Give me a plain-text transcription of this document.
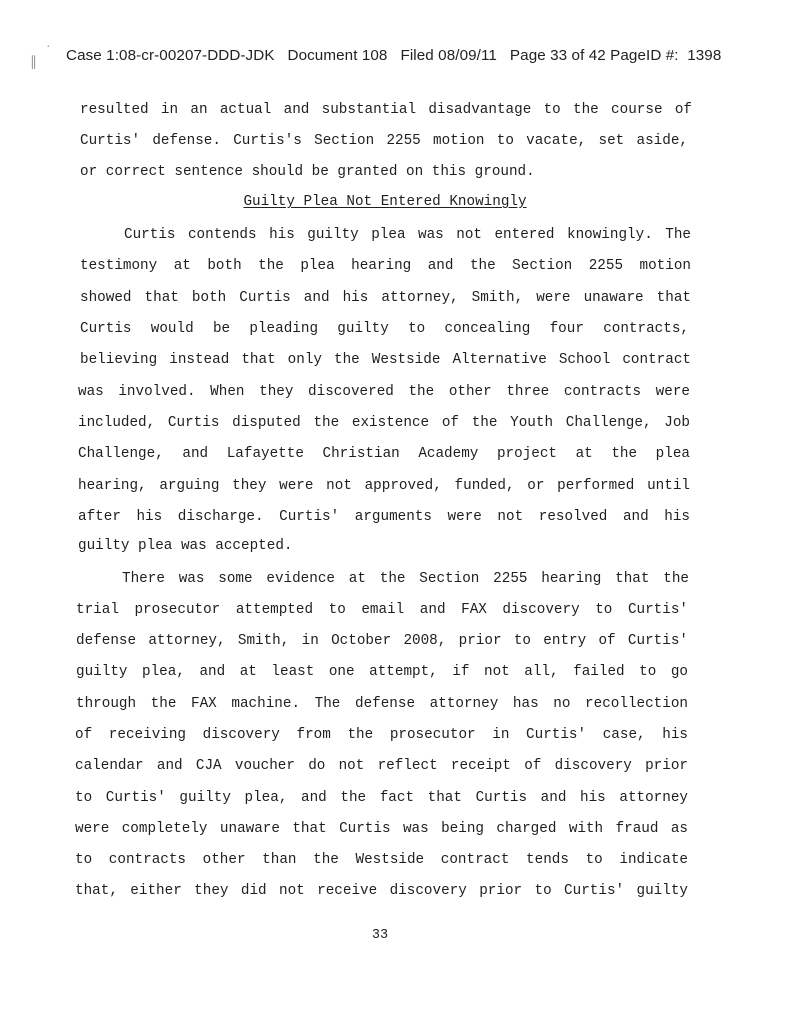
·
∥ Case 1:08-cr-00207-DDD-JDK   Document 108   Filed 08/09/11   Page 33 of 42 PageID #:  1398
resulted in an actual and substantial disadvantage to the course of
Curtis' defense. Curtis's Section 2255 motion to vacate, set aside,
or correct sentence should be granted on this ground.
Guilty Plea Not Entered Knowingly
Curtis contends his guilty plea was not entered knowingly. The
testimony at both the plea hearing and the Section 2255 motion
showed that both Curtis and his attorney, Smith, were unaware that
Curtis would be pleading guilty to concealing four contracts,
believing instead that only the Westside Alternative School contract
was involved. When they discovered the other three contracts were
included, Curtis disputed the existence of the Youth Challenge, Job
Challenge, and Lafayette Christian Academy project at the plea
hearing, arguing they were not approved, funded, or performed until
after his discharge. Curtis' arguments were not resolved and his
guilty plea was accepted.
There was some evidence at the Section 2255 hearing that the
trial prosecutor attempted to email and FAX discovery to Curtis'
defense attorney, Smith, in October 2008, prior to entry of Curtis'
guilty plea, and at least one attempt, if not all, failed to go
through the FAX machine. The defense attorney has no recollection
of receiving discovery from the prosecutor in Curtis' case, his
calendar and CJA voucher do not reflect receipt of discovery prior
to Curtis' guilty plea, and the fact that Curtis and his attorney
were completely unaware that Curtis was being charged with fraud as
to contracts other than the Westside contract tends to indicate
that, either they did not receive discovery prior to Curtis' guilty
33
